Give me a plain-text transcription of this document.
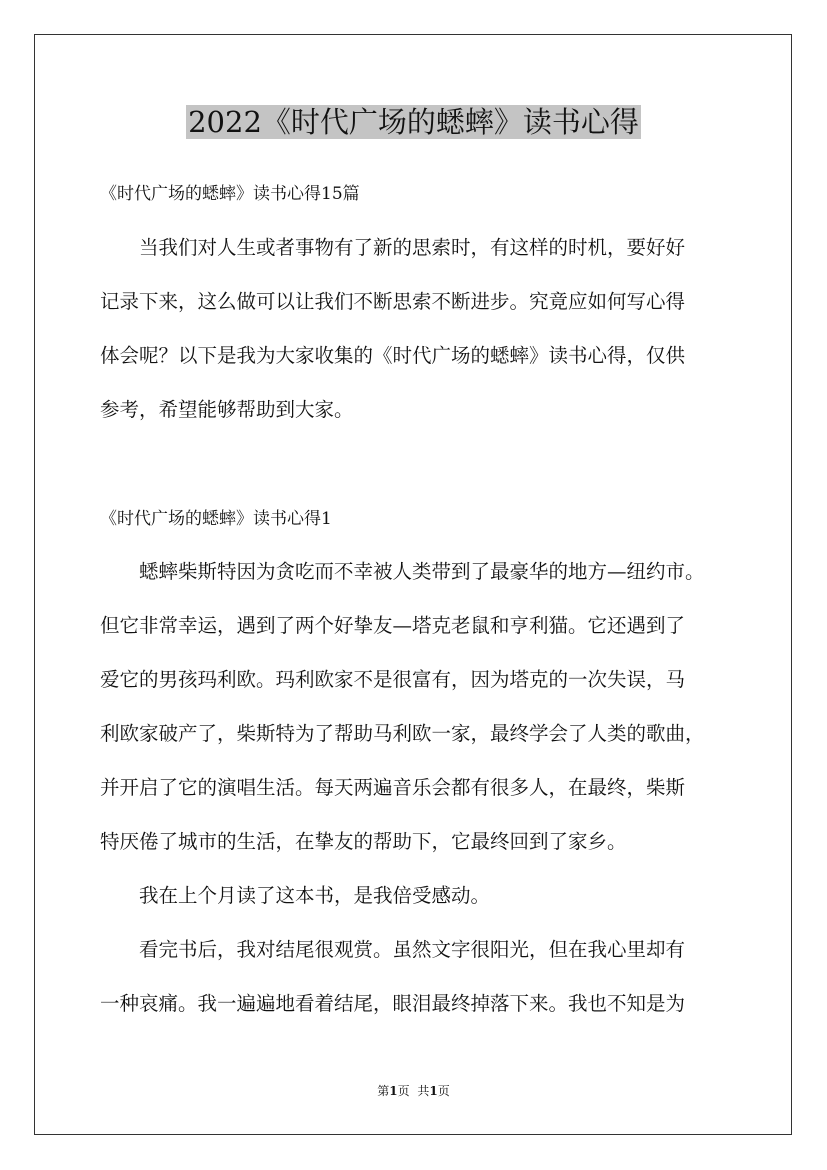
2022《时代广场的蟋蟀》读书心得

《时代广场的蟋蟀》读书心得15篇

　　当我们对人生或者事物有了新的思索时，有这样的时机，要好好

记录下来，这么做可以让我们不断思索不断进步。究竟应如何写心得

体会呢？以下是我为大家收集的《时代广场的蟋蟀》读书心得，仅供

参考，希望能够帮助到大家。

《时代广场的蟋蟀》读书心得1

　　蟋蟀柴斯特因为贪吃而不幸被人类带到了最豪华的地方—纽约市。

但它非常幸运，遇到了两个好挚友—塔克老鼠和亨利猫。它还遇到了

爱它的男孩玛利欧。玛利欧家不是很富有，因为塔克的一次失误，马

利欧家破产了，柴斯特为了帮助马利欧一家，最终学会了人类的歌曲，

并开启了它的演唱生活。每天两遍音乐会都有很多人，在最终，柴斯

特厌倦了城市的生活，在挚友的帮助下，它最终回到了家乡。

　　我在上个月读了这本书，是我倍受感动。

　　看完书后，我对结尾很观赏。虽然文字很阳光，但在我心里却有

一种哀痛。我一遍遍地看着结尾，眼泪最终掉落下来。我也不知是为

第1页 共1页
